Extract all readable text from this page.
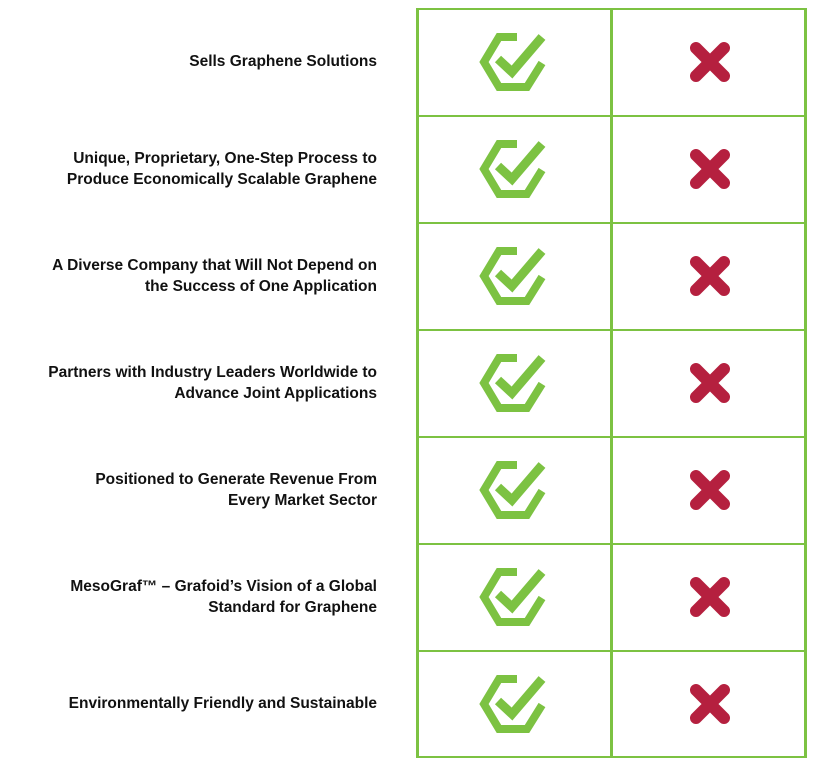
Sells Graphene Solutions
Unique, Proprietary, One-Step Process to
Produce Economically Scalable Graphene
A Diverse Company that Will Not Depend on
the Success of One Application
Partners with Industry Leaders Worldwide to
Advance Joint Applications
Positioned to Generate Revenue From
Every Market Sector
MesoGraf™ – Grafoid’s Vision of a Global
Standard for Graphene
Environmentally Friendly and Sustainable
